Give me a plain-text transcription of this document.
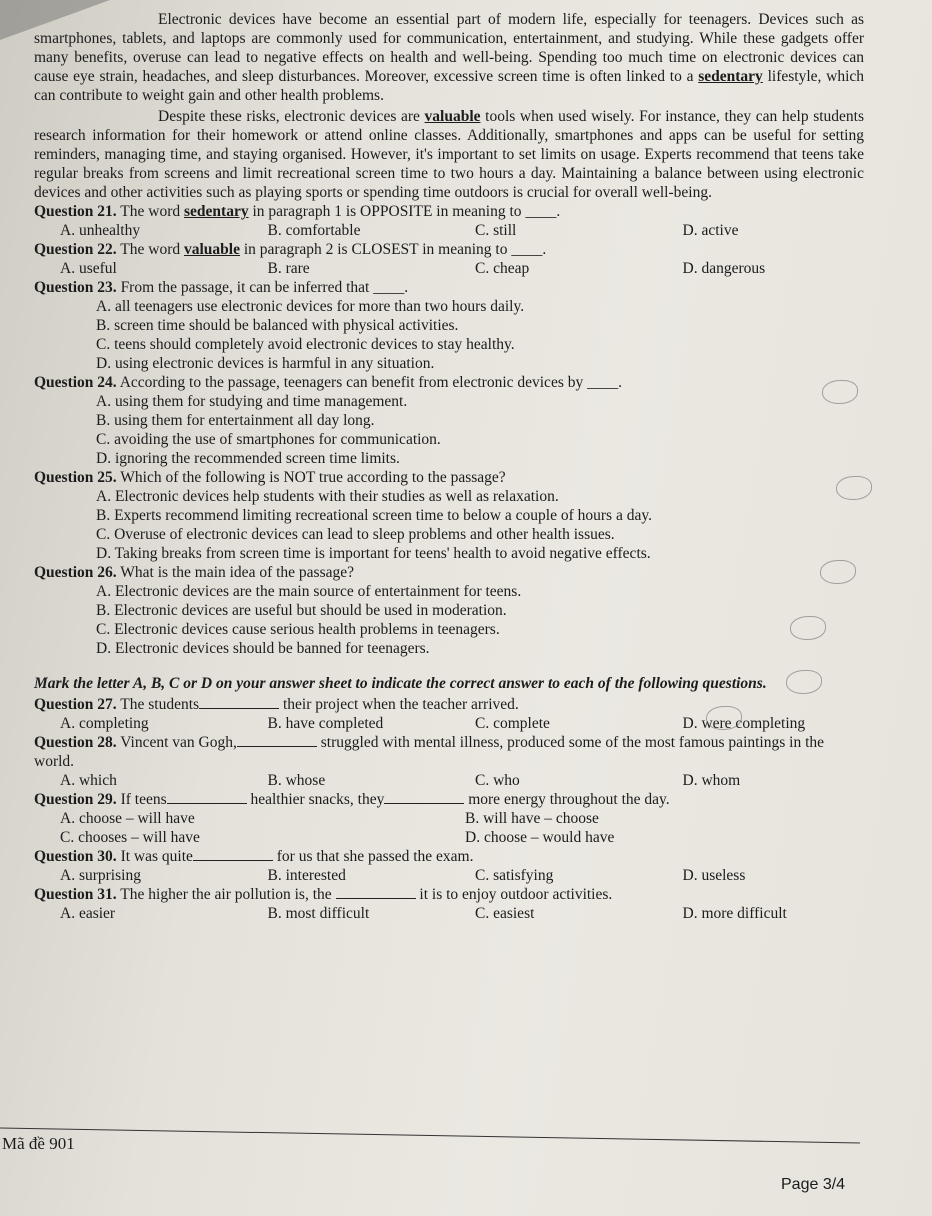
Electronic devices have become an essential part of modern life, especially for teenagers. Devices such as smartphones, tablets, and laptops are commonly used for communication, entertainment, and studying. While these gadgets offer many benefits, overuse can lead to negative effects on health and well-being. Spending too much time on electronic devices can cause eye strain, headaches, and sleep disturbances. Moreover, excessive screen time is often linked to a sedentary lifestyle, which can contribute to weight gain and other health problems.

Despite these risks, electronic devices are valuable tools when used wisely. For instance, they can help students research information for their homework or attend online classes. Additionally, smartphones and apps can be useful for setting reminders, managing time, and staying organised. However, it's important to set limits on usage. Experts recommend that teens take regular breaks from screens and limit recreational screen time to two hours a day. Maintaining a balance between using electronic devices and other activities such as playing sports or spending time outdoors is crucial for overall well-being.

Question 21. The word sedentary in paragraph 1 is OPPOSITE in meaning to ____.
A. unhealthy	B. comfortable	C. still	D. active
Question 22. The word valuable in paragraph 2 is CLOSEST in meaning to ____.
A. useful	B. rare	C. cheap	D. dangerous
Question 23. From the passage, it can be inferred that ____.
A. all teenagers use electronic devices for more than two hours daily.
B. screen time should be balanced with physical activities.
C. teens should completely avoid electronic devices to stay healthy.
D. using electronic devices is harmful in any situation.
Question 24. According to the passage, teenagers can benefit from electronic devices by ____.
A. using them for studying and time management.
B. using them for entertainment all day long.
C. avoiding the use of smartphones for communication.
D. ignoring the recommended screen time limits.
Question 25. Which of the following is NOT true according to the passage?
A. Electronic devices help students with their studies as well as relaxation.
B. Experts recommend limiting recreational screen time to below a couple of hours a day.
C. Overuse of electronic devices can lead to sleep problems and other health issues.
D. Taking breaks from screen time is important for teens' health to avoid negative effects.
Question 26. What is the main idea of the passage?
A. Electronic devices are the main source of entertainment for teens.
B. Electronic devices are useful but should be used in moderation.
C. Electronic devices cause serious health problems in teenagers.
D. Electronic devices should be banned for teenagers.

Mark the letter A, B, C or D on your answer sheet to indicate the correct answer to each of the following questions.

Question 27. The students	their project when the teacher arrived.
A. completing	B. have completed	C. complete	D. were completing
Question 28. Vincent van Gogh,	struggled with mental illness, produced some of the most famous paintings in the world.
A. which	B. whose	C. who	D. whom
Question 29. If teens	healthier snacks, they	more energy throughout the day.
A. choose – will have	B. will have – choose
C. chooses – will have	D. choose – would have
Question 30. It was quite	for us that she passed the exam.
A. surprising	B. interested	C. satisfying	D. useless
Question 31. The higher the air pollution is, the	it is to enjoy outdoor activities.
A. easier	B. most difficult	C. easiest	D. more difficult
Mã đề 901
Page 3/4
